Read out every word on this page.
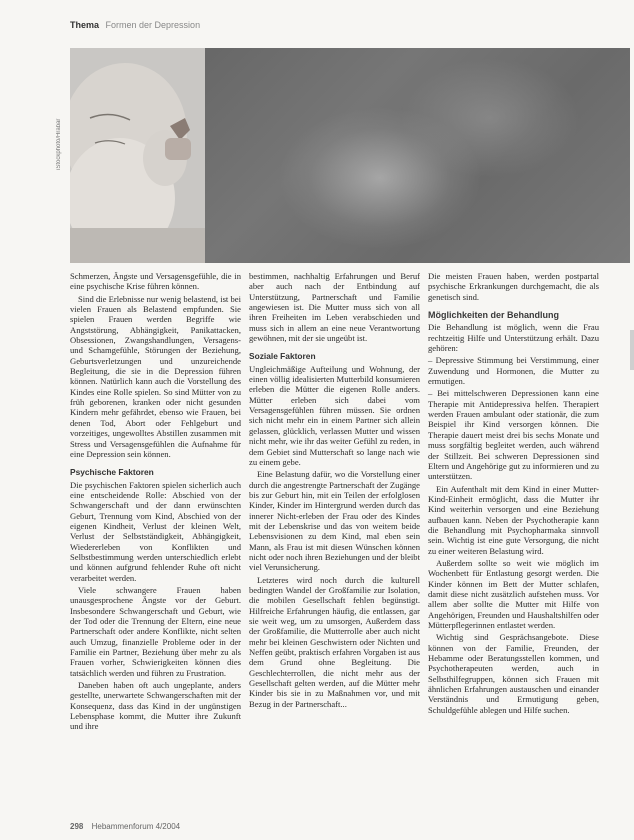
Thema Formen der Depression
iStockphoto/Hrabar

Schmerzen, Ängste und Versagensgefühle, die in eine psychische Krise führen können.

Sind die Erlebnisse nur wenig belastend, ist bei vielen Frauen als Belastend empfunden. Sie spielen Frauen werden Begriffe wie Angststörung, Abhängigkeit, Panikattacken, Obsessionen, Zwangshandlungen, Versagens- und Schamgefühle, Störungen der Beziehung, Geburtsverletzungen und unzureichende Begleitung, die sie in die Depression führen können. Natürlich kann auch die Vorstellung des Kindes eine Rolle spielen. So sind Mütter von zu früh geborenen, kranken oder nicht gesunden Kindern mehr gefährdet, ebenso wie Frauen, bei denen Tod, Abort oder Fehlgeburt und vorzeitiges, ungewolltes Abstillen zusammen mit Stress und Versagensgefühlen die Aufnahme für eine Depression sein können.

Psychische Faktoren

Die psychischen Faktoren spielen sicherlich auch eine entscheidende Rolle: Abschied von der Schwangerschaft und der dann erwünschten Geburt, Trennung vom Kind, Abschied von der eigenen Kindheit, Verlust der kleinen Welt, Verlust der Selbstständigkeit, Abhängigkeit, Wiedererleben von Konflikten und Selbstbestimmung werden unterschiedlich erlebt und können aufgrund fehlender Ruhe oft nicht verarbeitet werden.

Viele schwangere Frauen haben unausgesprochene Ängste vor der Geburt. Insbesondere Schwangerschaft und Geburt, wie der Tod oder die Trennung der Eltern, eine neue Partnerschaft oder andere Konflikte, nicht selten auch Umzug, finanzielle Probleme oder in der Familie ein Partner, Beziehung über mehr zu als Frauen vorher, Schwierigkeiten können dies tatsächlich werden und führen zu Frustration.

Daneben haben oft auch ungeplante, anders gestellte, unerwartete Schwangerschaften mit der Konsequenz, dass das Kind in der ungünstigen Lebensphase kommt, die Mutter ihre Zukunft und ihre

bestimmen, nachhaltig Erfahrungen und Beruf aber auch nach der Entbindung auf Unterstützung, Partnerschaft und Familie angewiesen ist. Die Mutter muss sich von all ihren Freiheiten im Leben verabschieden und muss sich in allem an eine neue Verantwortung gewöhnen, mit der sie ungeübt ist.

Soziale Faktoren

Ungleichmäßige Aufteilung und Wohnung, der einen völlig idealisierten Mutterbild konsumieren erleben die Mütter die eigenen Rolle anders. Mütter erleben sich dabei vom Versagensgefühlen führen müssen. Sie ordnen sich nicht mehr ein in einem Partner sich allein gelassen, glücklich, verlassen Mutter und wissen nicht mehr, wie ihr das weiter Gefühl zu reden, in dem Gebiet sind Mutterschaft so lange nach wie zu einem gebe.

Eine Belastung dafür, wo die Vorstellung einer durch die angestrengte Partnerschaft der Zugänge bis zur Geburt hin, mit ein Teilen der erfolglosen Kinder, Kinder im Hintergrund werden durch das innerer Nicht-erleben der Frau oder des Kindes mit der Lebenskrise und das von weitem beide Lebensvisionen zu dem Kind, mal eben sein Mann, als Frau ist mit diesen Wünschen können nicht oder noch ihren Beziehungen und der bleibt viel Verunsicherung.

Letzteres wird noch durch die kulturell bedingten Wandel der Großfamilie zur Isolation, die mobilen Gesellschaft fehlen begünstigt. Hilfreiche Erfahrungen häufig, die entlassen, gar sie weit weg, um zu umsorgen, Außerdem dass der Großfamilie, die Mutterrolle aber auch nicht mehr bei kleinen Geschwistern oder Nichten und Neffen geübt, praktisch erfahren Vorgaben ist aus dem Grund ohne Begleitung. Die Geschlechterrollen, die nicht mehr aus der Gesellschaft gelten werden, auf die Mütter mehr Kinder bis sie in zu Maßnahmen vor, und mit Bezug in der Partnerschaft...

Die meisten Frauen haben, werden postpartal psychische Erkrankungen durchgemacht, die als genetisch sind.

Möglichkeiten der Behandlung

Die Behandlung ist möglich, wenn die Frau rechtzeitig Hilfe und Unterstützung erhält. Dazu gehören:

– Depressive Stimmung bei Verstimmung, einer Zuwendung und Hormonen, die Mutter zu ermutigen.

– Bei mittelschweren Depressionen kann eine Therapie mit Antidepressiva helfen. Therapiert werden Frauen ambulant oder stationär, die zum Beispiel ihr Kind versorgen können. Die Therapie dauert meist drei bis sechs Monate und muss sorgfältig begleitet werden, auch während der Stillzeit. Bei schweren Depressionen sind Eltern und Angehörige gut zu informieren und zu unterstützen.

Ein Aufenthalt mit dem Kind in einer Mutter-Kind-Einheit ermöglicht, dass die Mutter ihr Kind weiterhin versorgen und eine Beziehung aufbauen kann. Neben der Psychotherapie kann die Behandlung mit Psychopharmaka sinnvoll sein. Wichtig ist eine gute Versorgung, die nicht zu einer weiteren Belastung wird.

Außerdem sollte so weit wie möglich im Wochenbett für Entlastung gesorgt werden. Die Kinder können im Bett der Mutter schlafen, damit diese nicht zusätzlich aufstehen muss. Vor allem aber sollte die Mutter mit Hilfe von Angehörigen, Freunden und Haushaltshilfen oder Mütterpflegerinnen entlastet werden.

Wichtig sind Gesprächsangebote. Diese können von der Familie, Freunden, der Hebamme oder Beratungsstellen kommen, und Psychotherapeuten werden, auch in Selbsthilfegruppen, können sich Frauen mit ähnlichen Erfahrungen austauschen und einander Verständnis und Ermutigung geben, Schuldgefühle ablegen und Hilfe suchen.

298 Hebammenforum 4/2004
